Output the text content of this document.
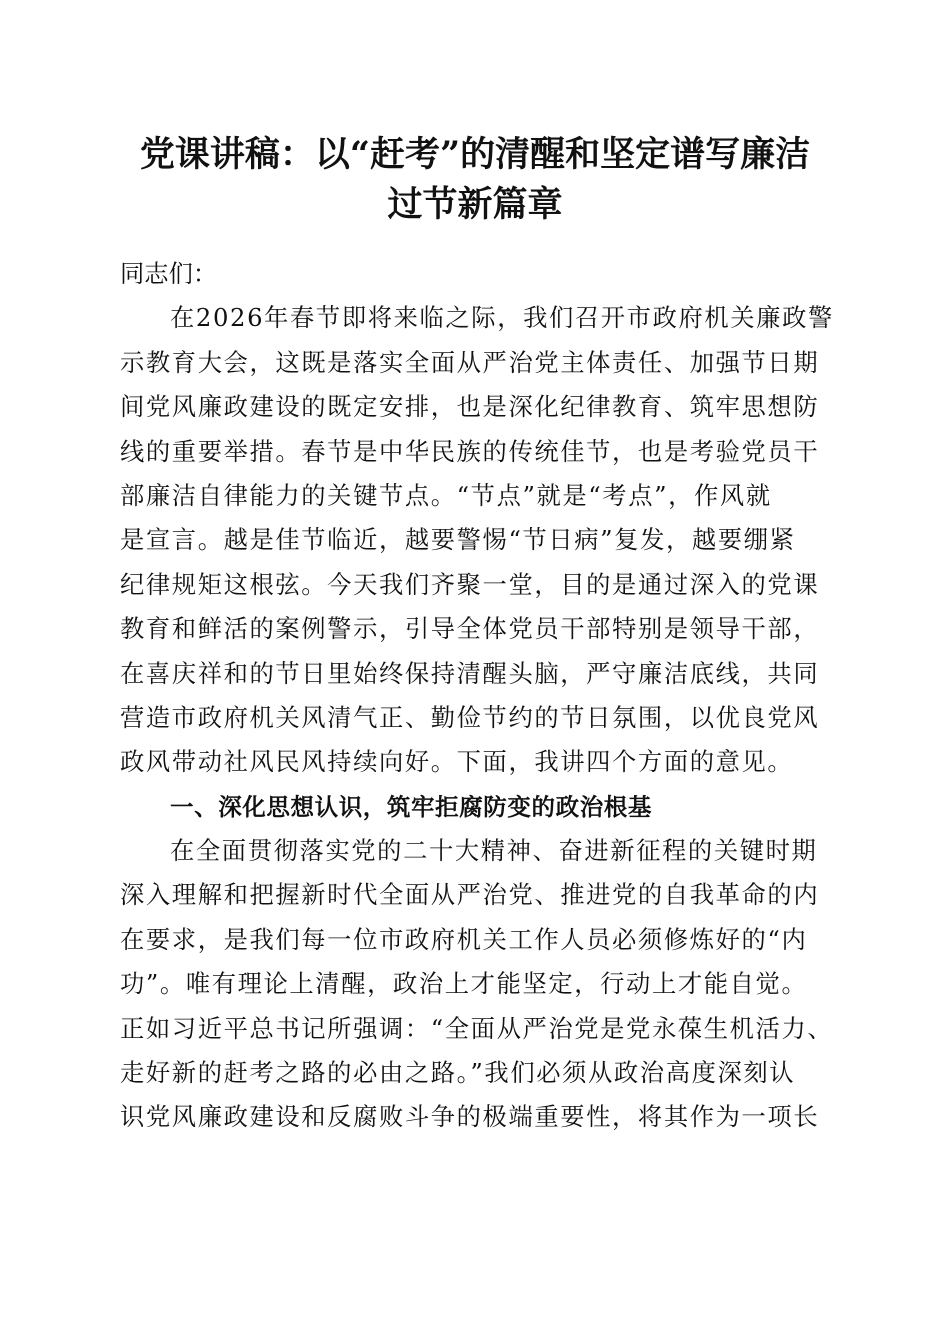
党课讲稿：以“赶考”的清醒和坚定谱写廉洁
过节新篇章
同志们：
在2026年春节即将来临之际，我们召开市政府机关廉政警
示教育大会，这既是落实全面从严治党主体责任、加强节日期
间党风廉政建设的既定安排，也是深化纪律教育、筑牢思想防
线的重要举措。春节是中华民族的传统佳节，也是考验党员干
部廉洁自律能力的关键节点。“节点”就是“考点”，作风就
是宣言。越是佳节临近，越要警惕“节日病”复发，越要绷紧
纪律规矩这根弦。今天我们齐聚一堂，目的是通过深入的党课
教育和鲜活的案例警示，引导全体党员干部特别是领导干部，
在喜庆祥和的节日里始终保持清醒头脑，严守廉洁底线，共同
营造市政府机关风清气正、勤俭节约的节日氛围，以优良党风
政风带动社风民风持续向好。下面，我讲四个方面的意见。
一、深化思想认识，筑牢拒腐防变的政治根基
在全面贯彻落实党的二十大精神、奋进新征程的关键时期
深入理解和把握新时代全面从严治党、推进党的自我革命的内
在要求，是我们每一位市政府机关工作人员必须修炼好的“内
功”。唯有理论上清醒，政治上才能坚定，行动上才能自觉。
正如习近平总书记所强调：“全面从严治党是党永葆生机活力、
走好新的赶考之路的必由之路。”我们必须从政治高度深刻认
识党风廉政建设和反腐败斗争的极端重要性，将其作为一项长
